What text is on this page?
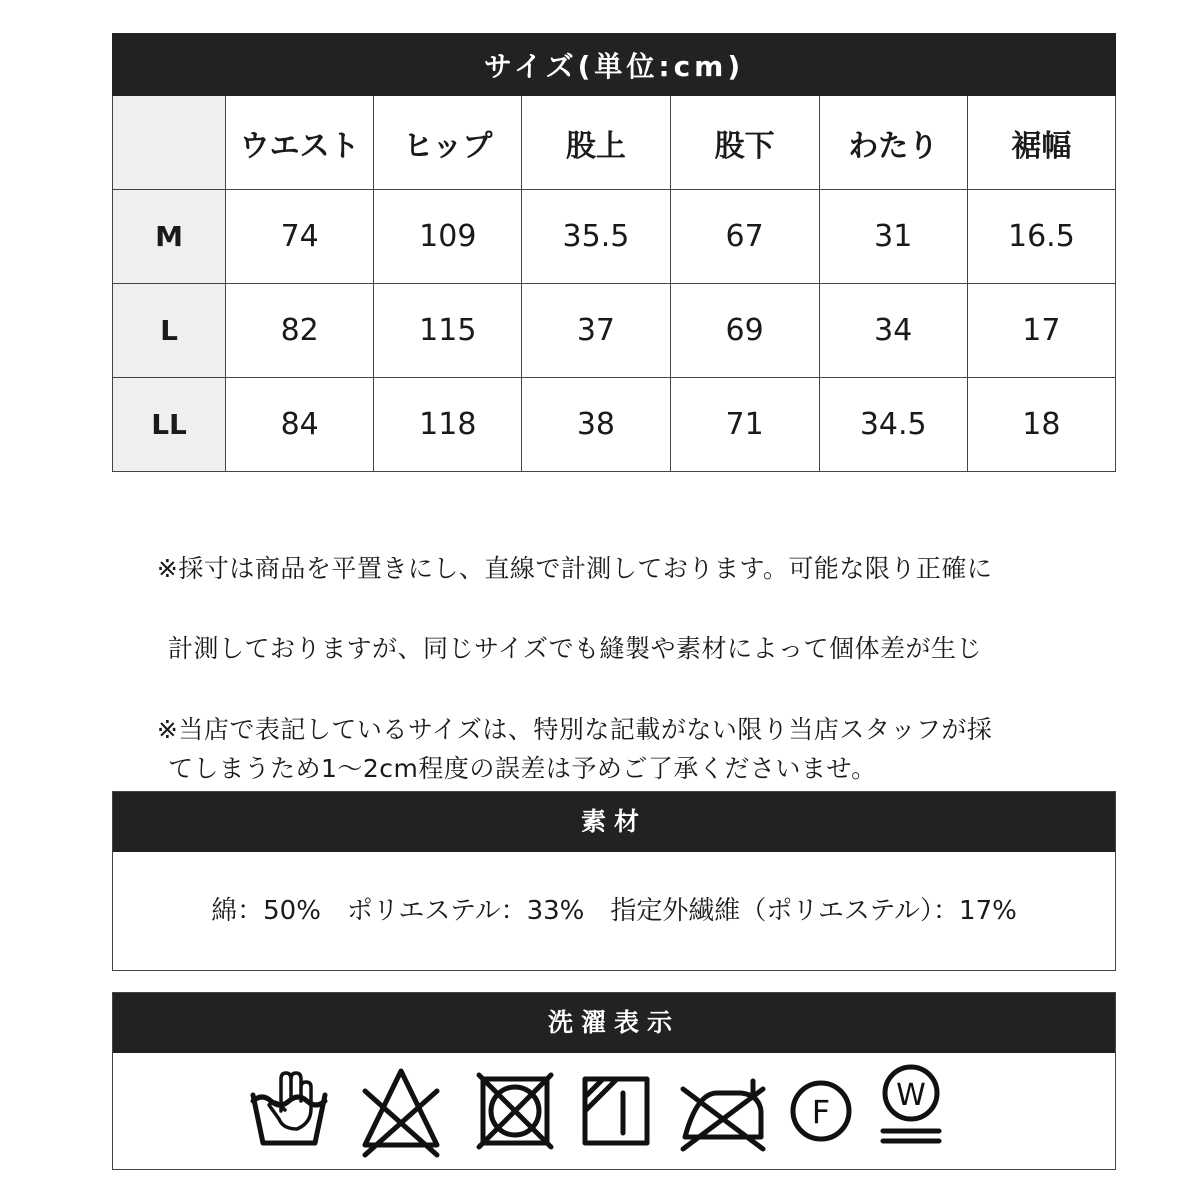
サイズ(単位:cm)						
	ウエスト	ヒップ	股上	股下	わたり	裾幅
M	74	109	35.5	67	31	16.5
L	82	115	37	69	34	17
LL	84	118	38	71	34.5	18

※採寸は商品を平置きにし、直線で計測しております。可能な限り正確に

計測しておりますが、同じサイズでも縫製や素材によって個体差が生じ

てしまうため1～2cm程度の誤差は予めご了承くださいませ。

※当店で表記しているサイズは、特別な記載がない限り当店スタッフが採

素材
綿：50%　ポリエステル：33%　指定外繊維（ポリエステル）：17%
洗濯表示
F W
